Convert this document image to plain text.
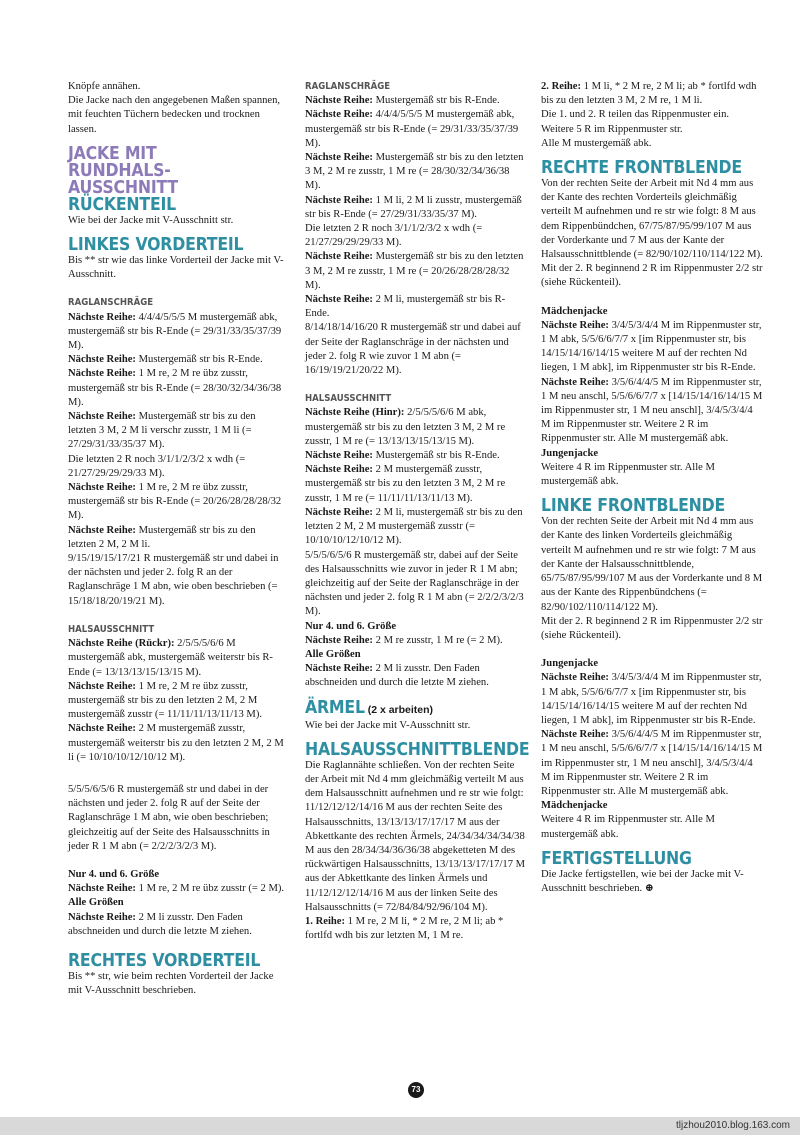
Knöpfe annähen.

Die Jacke nach den angegebenen Maßen spannen, mit feuchten Tüchern bedecken und trocknen lassen.

JACKE MIT RUNDHALS-AUSSCHNITT
RÜCKENTEIL

Wie bei der Jacke mit V-Ausschnitt str.

LINKES VORDERTEIL

Bis ** str wie das linke Vorderteil der Jacke mit V-Ausschnitt.

RAGLANSCHRÄGE

Nächste Reihe: 4/4/4/5/5/5 M mustergemäß abk, mustergemäß str bis R-Ende (= 29/31/33/35/37/39 M).

Nächste Reihe: Mustergemäß str bis R-Ende.

Nächste Reihe: 1 M re, 2 M re übz zusstr, mustergemäß str bis R-Ende (= 28/30/32/34/36/38 M).

Nächste Reihe: Mustergemäß str bis zu den letzten 3 M, 2 M li verschr zusstr, 1 M li (= 27/29/31/33/35/37 M).

Die letzten 2 R noch 3/1/1/2/3/2 x wdh (= 21/27/29/29/29/33 M).

Nächste Reihe: 1 M re, 2 M re übz zusstr, mustergemäß str bis R-Ende (= 20/26/28/28/28/32 M).

Nächste Reihe: Mustergemäß str bis zu den letzten 2 M, 2 M li.

9/15/19/15/17/21 R mustergemäß str und dabei in der nächsten und jeder 2. folg R an der Raglanschräge 1 M abn, wie oben beschrieben (= 15/18/18/20/19/21 M).

HALSAUSSCHNITT

Nächste Reihe (Rückr): 2/5/5/5/6/6 M mustergemäß abk, mustergemäß weiterstr bis R-Ende (= 13/13/13/15/13/15 M).

Nächste Reihe: 1 M re, 2 M re übz zusstr, mustergemäß str bis zu den letzten 2 M, 2 M mustergemäß zusstr (= 11/11/11/13/11/13 M).

Nächste Reihe: 2 M mustergemäß zusstr, mustergemäß weiterstr bis zu den letzten 2 M, 2 M li (= 10/10/10/12/10/12 M).

5/5/5/6/5/6 R mustergemäß str und dabei in der nächsten und jeder 2. folg R auf der Seite der Raglanschräge 1 M abn, wie oben beschrieben; gleichzeitig auf der Seite des Halsausschnitts in jeder R 1 M abn (= 2/2/2/3/2/3 M).

Nur 4. und 6. Größe

Nächste Reihe: 1 M re, 2 M re übz zusstr (= 2 M).

Alle Größen

Nächste Reihe: 2 M li zusstr. Den Faden abschneiden und durch die letzte M ziehen.

RECHTES VORDERTEIL

Bis ** str, wie beim rechten Vorderteil der Jacke mit V-Ausschnitt beschrieben.

RAGLANSCHRÄGE

Nächste Reihe: Mustergemäß str bis R-Ende.

Nächste Reihe: 4/4/4/5/5/5 M mustergemäß abk, mustergemäß str bis R-Ende (= 29/31/33/35/37/39 M).

Nächste Reihe: Mustergemäß str bis zu den letzten 3 M, 2 M re zusstr, 1 M re (= 28/30/32/34/36/38 M).

Nächste Reihe: 1 M li, 2 M li zusstr, mustergemäß str bis R-Ende (= 27/29/31/33/35/37 M).

Die letzten 2 R noch 3/1/1/2/3/2 x wdh (= 21/27/29/29/29/33 M).

Nächste Reihe: Mustergemäß str bis zu den letzten 3 M, 2 M re zusstr, 1 M re (= 20/26/28/28/28/32 M).

Nächste Reihe: 2 M li, mustergemäß str bis R-Ende.

8/14/18/14/16/20 R mustergemäß str und dabei auf der Seite der Raglanschräge in der nächsten und jeder 2. folg R wie zuvor 1 M abn (= 16/19/19/21/20/22 M).

HALSAUSSCHNITT

Nächste Reihe (Hinr): 2/5/5/5/6/6 M abk, mustergemäß str bis zu den letzten 3 M, 2 M re zusstr, 1 M re (= 13/13/13/15/13/15 M).

Nächste Reihe: Mustergemäß str bis R-Ende.

Nächste Reihe: 2 M mustergemäß zusstr, mustergemäß str bis zu den letzten 3 M, 2 M re zusstr, 1 M re (= 11/11/11/13/11/13 M).

Nächste Reihe: 2 M li, mustergemäß str bis zu den letzten 2 M, 2 M mustergemäß zusstr (= 10/10/10/12/10/12 M).

5/5/5/6/5/6 R mustergemäß str, dabei auf der Seite des Halsausschnitts wie zuvor in jeder R 1 M abn; gleichzeitig auf der Seite der Raglanschräge in der nächsten und jeder 2. folg R 1 M abn (= 2/2/2/3/2/3 M).

Nur 4. und 6. Größe

Nächste Reihe: 2 M re zusstr, 1 M re (= 2 M).

Alle Größen

Nächste Reihe: 2 M li zusstr. Den Faden abschneiden und durch die letzte M ziehen.

ÄRMEL (2 x arbeiten)

Wie bei der Jacke mit V-Ausschnitt str.

HALSAUSSCHNITTBLENDE

Die Raglannähte schließen. Von der rechten Seite der Arbeit mit Nd 4 mm gleichmäßig verteilt M aus dem Halsausschnitt aufnehmen und re str wie folgt: 11/12/12/12/14/16 M aus der rechten Seite des Halsausschnitts, 13/13/13/17/17/17 M aus der Abkettkante des rechten Ärmels, 24/34/34/34/34/38 M aus den 28/34/34/36/36/38 abgeketteten M des rückwärtigen Halsausschnitts, 13/13/13/17/17/17 M aus der Abkettkante des linken Ärmels und 11/12/12/12/14/16 M aus der linken Seite des Halsausschnitts (= 72/84/84/92/96/104 M).

1. Reihe: 1 M re, 2 M li, * 2 M re, 2 M li; ab * fortlfd wdh bis zur letzten M, 1 M re.

2. Reihe: 1 M li, * 2 M re, 2 M li; ab * fortlfd wdh bis zu den letzten 3 M, 2 M re, 1 M li.

Die 1. und 2. R teilen das Rippenmuster ein. Weitere 5 R im Rippenmuster str.

Alle M mustergemäß abk.

RECHTE FRONTBLENDE

Von der rechten Seite der Arbeit mit Nd 4 mm aus der Kante des rechten Vorderteils gleichmäßig verteilt M aufnehmen und re str wie folgt: 8 M aus dem Rippenbündchen, 67/75/87/95/99/107 M aus der Vorderkante und 7 M aus der Kante der Halsausschnittblende (= 82/90/102/110/114/122 M). Mit der 2. R beginnend 2 R im Rippenmuster 2/2 str (siehe Rückenteil).

Mädchenjacke

Nächste Reihe: 3/4/5/3/4/4 M im Rippenmuster str, 1 M abk, 5/5/6/6/7/7 x [im Rippenmuster str, bis 14/15/14/16/14/15 weitere M auf der rechten Nd liegen, 1 M abk], im Rippenmuster str bis R-Ende.

Nächste Reihe: 3/5/6/4/4/5 M im Rippenmuster str, 1 M neu anschl, 5/5/6/6/7/7 x [14/15/14/16/14/15 M im Rippenmuster str, 1 M neu anschl], 3/4/5/3/4/4 M im Rippenmuster str. Weitere 2 R im Rippenmuster str. Alle M mustergemäß abk.

Jungenjacke

Weitere 4 R im Rippenmuster str. Alle M mustergemäß abk.

LINKE FRONTBLENDE

Von der rechten Seite der Arbeit mit Nd 4 mm aus der Kante des linken Vorderteils gleichmäßig verteilt M aufnehmen und re str wie folgt: 7 M aus der Kante der Halsausschnittblende, 65/75/87/95/99/107 M aus der Vorderkante und 8 M aus der Kante des Rippenbündchens (= 82/90/102/110/114/122 M).

Mit der 2. R beginnend 2 R im Rippenmuster 2/2 str (siehe Rückenteil).

Jungenjacke

Nächste Reihe: 3/4/5/3/4/4 M im Rippenmuster str, 1 M abk, 5/5/6/6/7/7 x [im Rippenmuster str, bis 14/15/14/16/14/15 weitere M auf der rechten Nd liegen, 1 M abk], im Rippenmuster str bis R-Ende.

Nächste Reihe: 3/5/6/4/4/5 M im Rippenmuster str, 1 M neu anschl, 5/5/6/6/7/7 x [14/15/14/16/14/15 M im Rippenmuster str, 1 M neu anschl], 3/4/5/3/4/4 M im Rippenmuster str. Weitere 2 R im Rippenmuster str. Alle M mustergemäß abk.

Mädchenjacke

Weitere 4 R im Rippenmuster str. Alle M mustergemäß abk.

FERTIGSTELLUNG

Die Jacke fertigstellen, wie bei der Jacke mit V-Ausschnitt beschrieben. ⊕

73
tljzhou2010.blog.163.com
